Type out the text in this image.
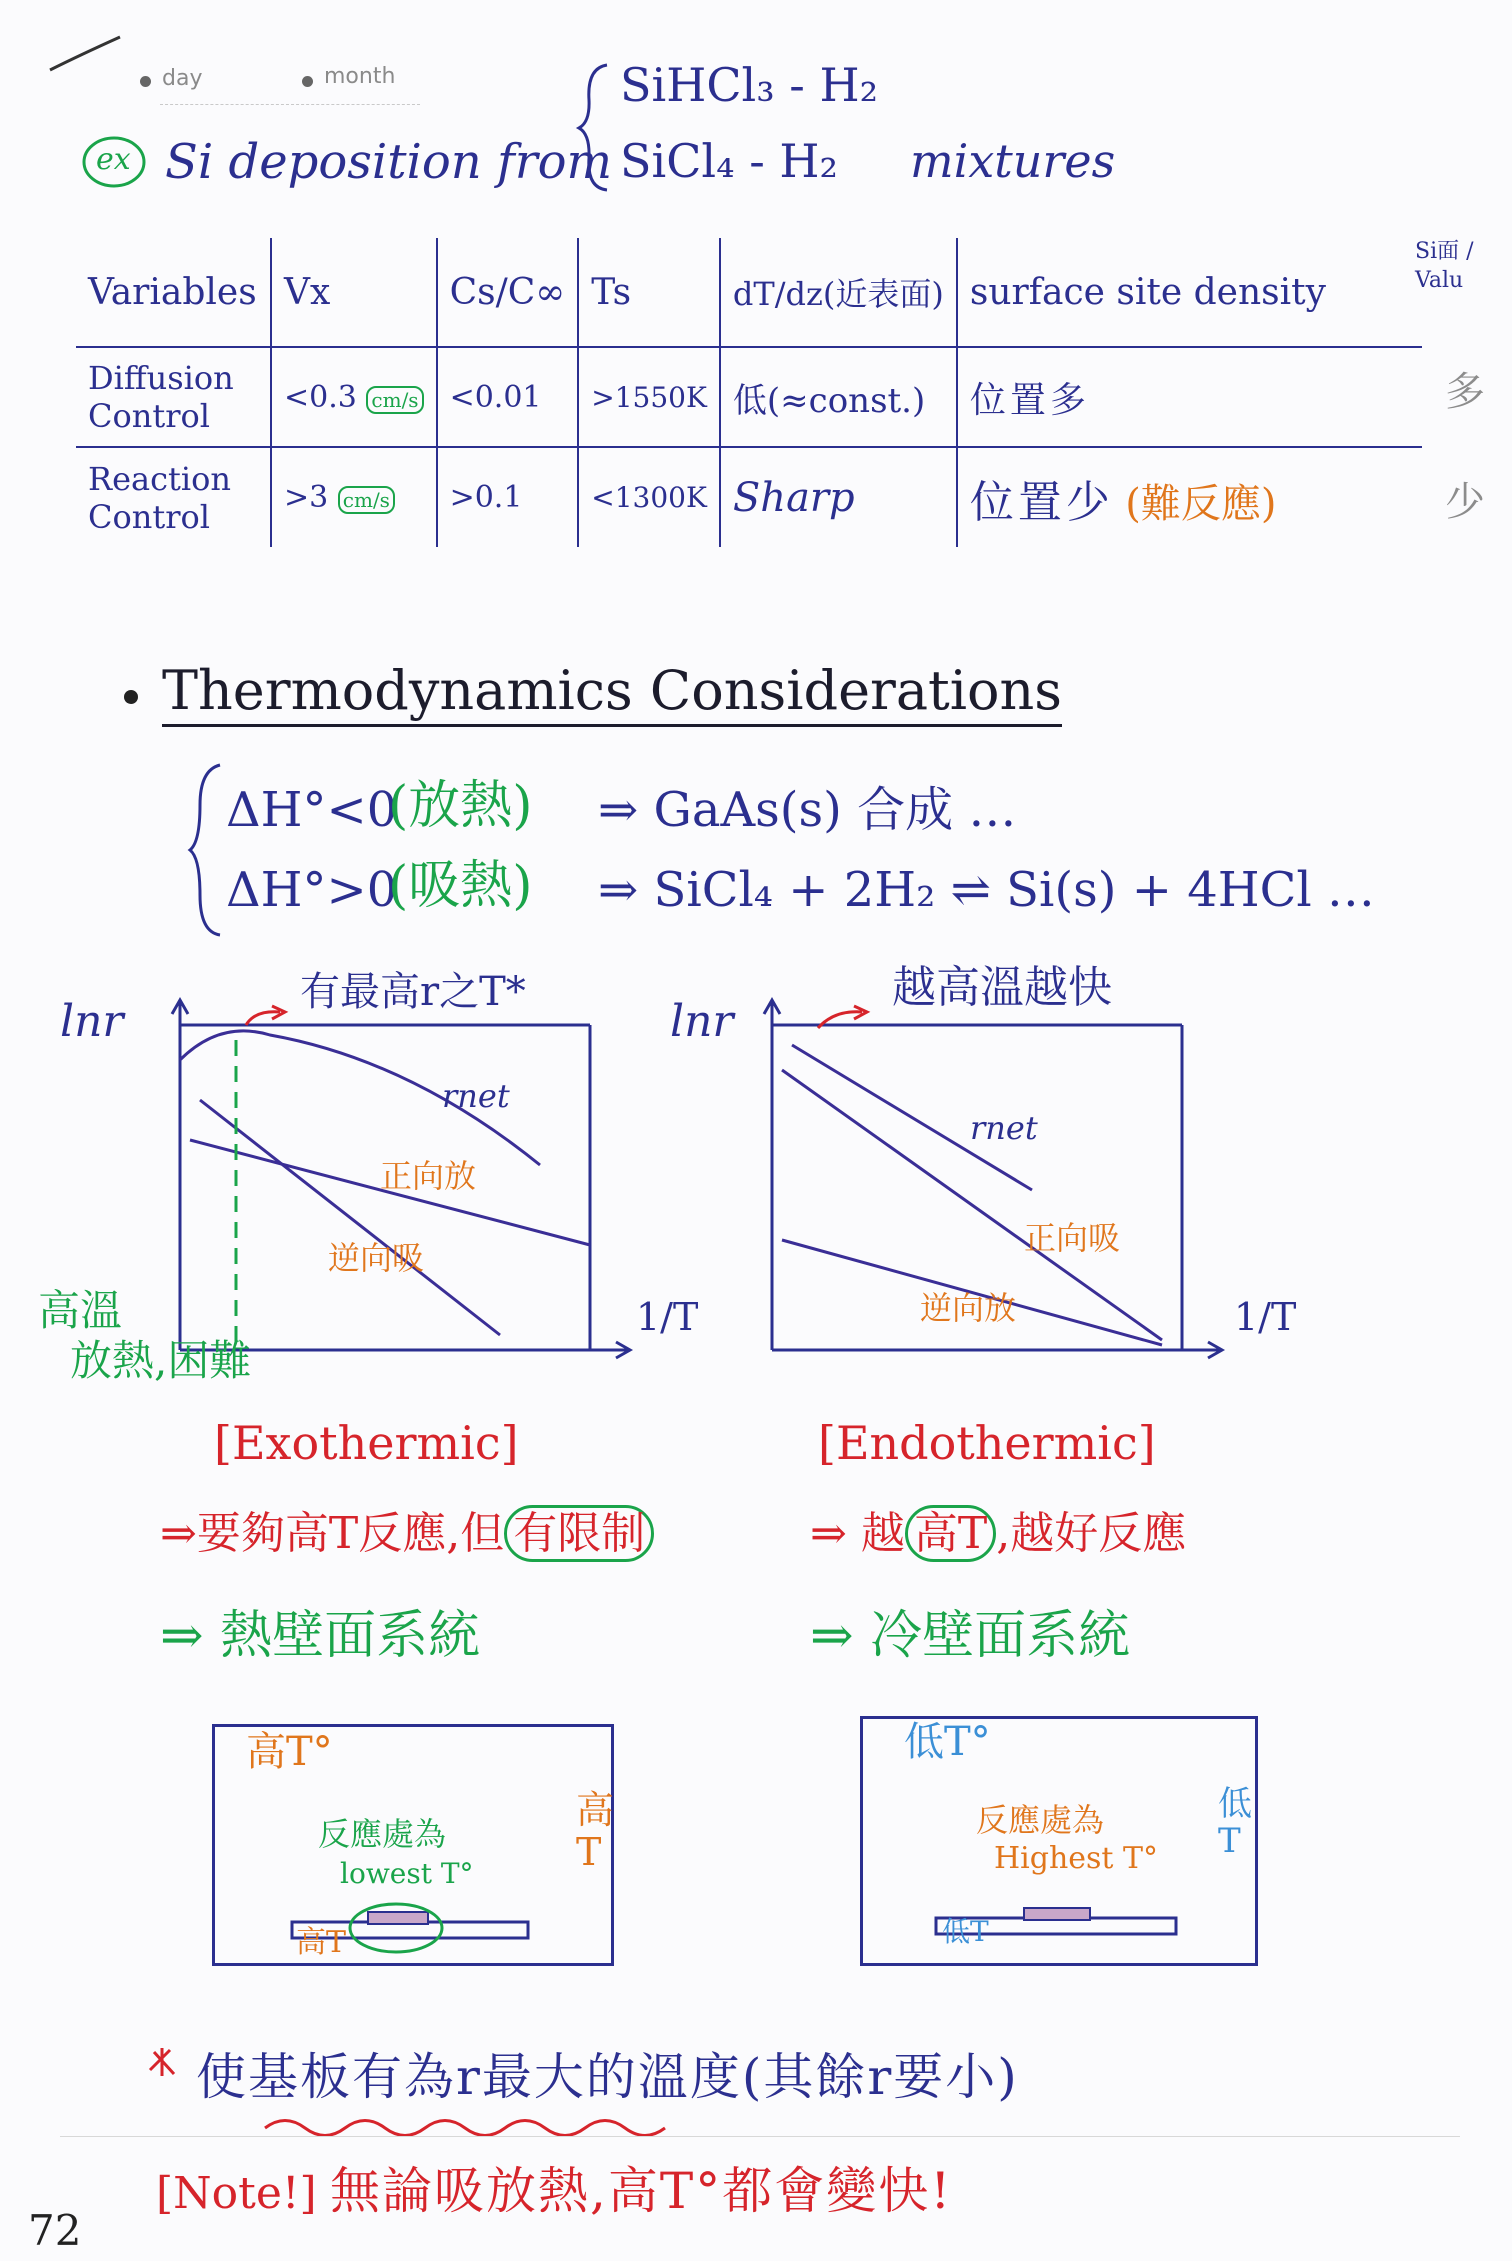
day	month
ex Si deposition from
SiHCl₃ - H₂
SiCl₄ - H₂ mixtures
Variables	Vx	Cs/C∞	Ts	dT/dz(近表面)	surface site density
Diffusion Control	<0.3 cm/s	<0.01	>1550K	低(≈const.)	位置多
Reaction Control	>3 cm/s	>0.1	<1300K	Sharp	位置少 (難反應)
Si面 / Valu
多
少
Thermodynamics Considerations
ΔH°<0
(放熱) ⇒ GaAs(s) 合成 …
ΔH°>0
(吸熱) ⇒ SiCl₄ + 2H₂ ⇌ Si(s) + 4HCl …
lnr
有最高r之T*
rnet
正向放
逆向吸
1/T
高溫
放熱,困難
lnr
越高溫越快
rnet
正向吸
逆向放	1/T
[Exothermic]	[Endothermic]
⇒要夠高T反應,但 有限制
⇒ 熱壁面系統
⇒ 越 高T ,越好反應
⇒ 冷壁面系統
高T°
高T
反應處為
lowest T°
高T
低T°
低T
反應處為
Highest T°
低T
使基板有為r最大的溫度(其餘r要小)
[Note!] 無論吸放熱,高T°都會變快!
72
